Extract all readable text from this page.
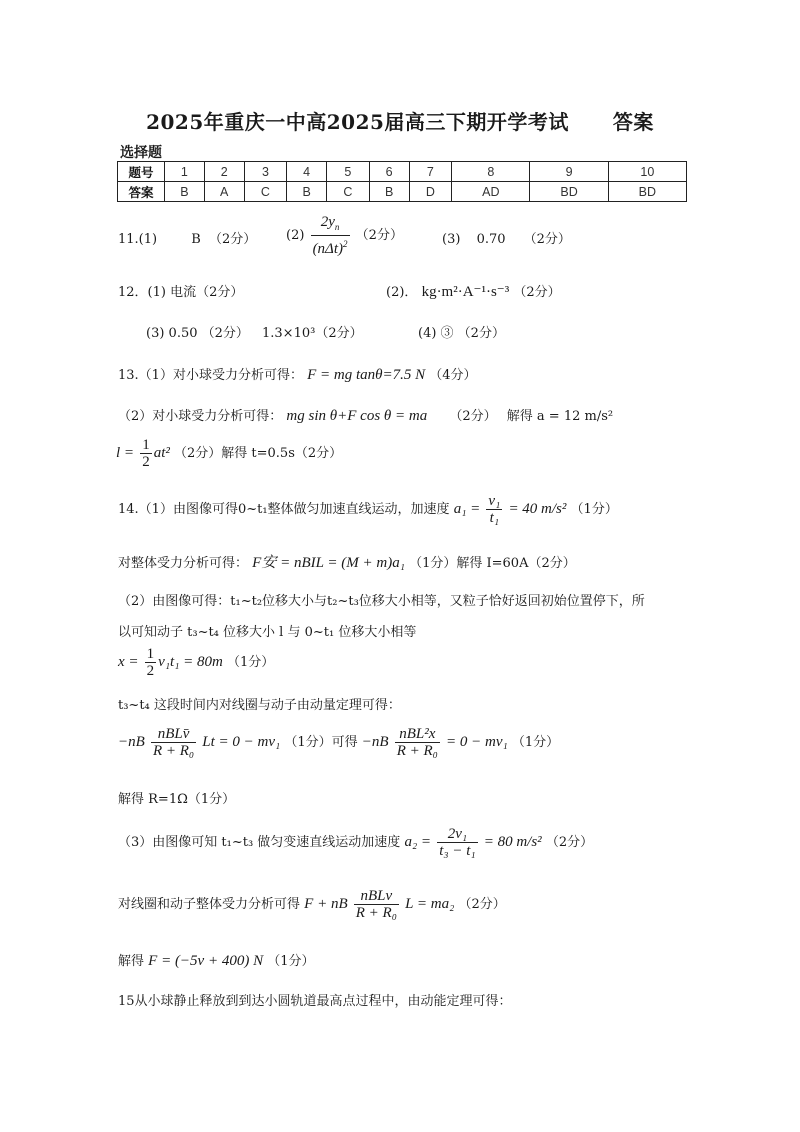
2025年重庆一中高2025届高三下期开学考试 答案
选择题
题号	1	2	3	4	5	6	7	8	9	10
答案	B	A	C	B	C	B	D	AD	BD	BD
11.(1)	B （2分） $(2) \frac{2y_n}{(n\Delta t)^2} (2$分）	(3) 0.70 （2分）
12．(1) 电流（2分）	(2)． kg·m²·A⁻¹·s⁻³ （2分）
(3) 0.50 （2分） 1.3×10³（2分）	(4) ③ （2分）
13.（1）对小球受力分析可得： F = mg tanθ=7.5 N （4分）
（2）对小球受力分析可得： mg sin θ+F cos θ = ma （2分） 解得 a = 12 m/s²
$l = \frac{1}{2} at^2$ （2分）解得 t=0.5s（2分）
14.（1）由图像可得0~t₁整体做匀加速直线运动，加速度 $a_1 = \frac{\text{v₁}}{\text{t₁}} = 40$ m/s² （1分）
对整体受力分析可得： F安 = nBIL = (M + m)a₁ （1分）解得 I=60A（2分）
（2）由图像可得：t₁~t₂位移大小与t₂~t₃位移大小相等，又粒子恰好返回初始位置停下，所
以可知动子 t₃~t₄ 位移大小 l 与 0~t₁ 位移大小相等
$x = \frac{1}{2} v_1t_1 = 80m$ （1分）
t₃~t₄ 这段时间内对线圈与动子由动量定理可得：
$-nB \frac{\text{nBLv̄}}{\text{R + R₀}}$ Lt = 0 − mv₁ （1分）可得 $-nB \frac{\text{nBL²x}}{\text{R + R₀}} = 0 - mv_1$ （1分）
解得 R=1Ω（1分）
（3）由图像可知 t₁~t₃ 做匀变速直线运动加速度 $a_2 = \frac{\text{2v₁}}{\text{t₃ − t₁}} = 80$ m/s² （2分）
对线圈和动子整体受力分析可得 F + nB $\frac{\text{nBLv}}{\text{R + R₀}}$ L = ma₂ （2分）
解得 F = (−5v + 400) N （1分）
15从小球静止释放到到达小圆轨道最高点过程中，由动能定理可得：
